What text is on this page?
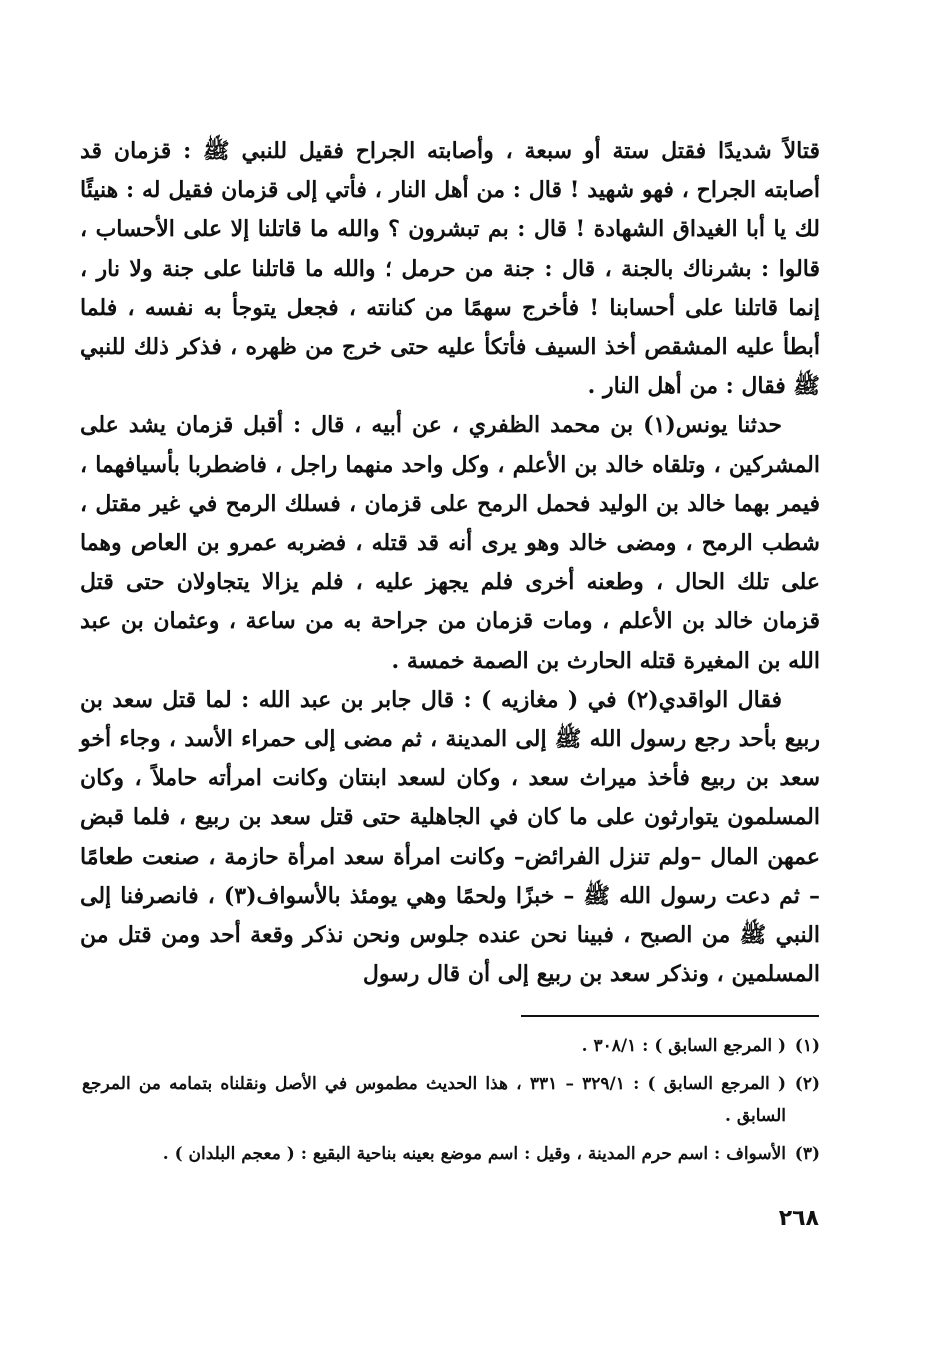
قتالاً شديدًا فقتل ستة أو سبعة ، وأصابته الجراح فقيل للنبي ﷺ : قزمان قد أصابته الجراح ، فهو شهيد ! قال : من أهل النار ، فأتي إلى قزمان فقيل له : هنيئًا لك يا أبا الغيداق الشهادة ! قال : بم تبشرون ؟ والله ما قاتلنا إلا على الأحساب ، قالوا : بشرناك بالجنة ، قال : جنة من حرمل ؛ والله ما قاتلنا على جنة ولا نار ، إنما قاتلنا على أحسابنا ! فأخرج سهمًا من كنانته ، فجعل يتوجأ به نفسه ، فلما أبطأ عليه المشقص أخذ السيف فأتكأ عليه حتى خرج من ظهره ، فذكر ذلك للنبي ﷺ فقال : من أهل النار .

حدثنا يونس(١) بن محمد الظفري ، عن أبيه ، قال : أقبل قزمان يشد على المشركين ، وتلقاه خالد بن الأعلم ، وكل واحد منهما راجل ، فاضطربا بأسيافهما ، فيمر بهما خالد بن الوليد فحمل الرمح على قزمان ، فسلك الرمح في غير مقتل ، شطب الرمح ، ومضى خالد وهو يرى أنه قد قتله ، فضربه عمرو بن العاص وهما على تلك الحال ، وطعنه أخرى فلم يجهز عليه ، فلم يزالا يتجاولان حتى قتل قزمان خالد بن الأعلم ، ومات قزمان من جراحة به من ساعة ، وعثمان بن عبد الله بن المغيرة قتله الحارث بن الصمة خمسة .

فقال الواقدي(٢) في ( مغازيه ) : قال جابر بن عبد الله : لما قتل سعد بن ربيع بأحد رجع رسول الله ﷺ إلى المدينة ، ثم مضى إلى حمراء الأسد ، وجاء أخو سعد بن ربيع فأخذ ميراث سعد ، وكان لسعد ابنتان وكانت امرأته حاملاً ، وكان المسلمون يتوارثون على ما كان في الجاهلية حتى قتل سعد بن ربيع ، فلما قبض عمهن المال –ولم تنزل الفرائض– وكانت امرأة سعد امرأة حازمة ، صنعت طعامًا – ثم دعت رسول الله ﷺ – خبزًا ولحمًا وهي يومئذ بالأسواف(٣) ، فانصرفنا إلى النبي ﷺ من الصبح ، فبينا نحن عنده جلوس ونحن نذكر وقعة أحد ومن قتل من المسلمين ، ونذكر سعد بن ربيع إلى أن قال رسول

(١)( المرجع السابق ) : ٣٠٨/١ .

(٢)( المرجع السابق ) : ٣٢٩/١ – ٣٣١ ، هذا الحديث مطموس في الأصل ونقلناه بتمامه من المرجع السابق .

(٣)الأسواف : اسم حرم المدينة ، وقيل : اسم موضع بعينه بناحية البقيع : ( معجم البلدان ) .

٢٦٨
